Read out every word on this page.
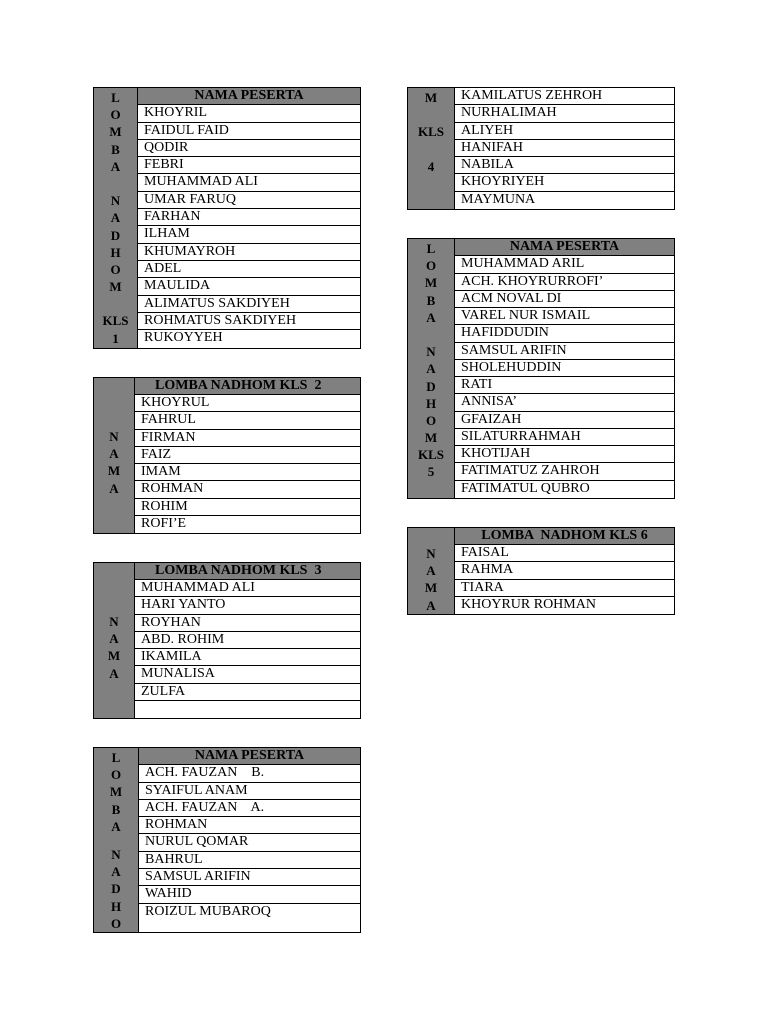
L
O
M
B
A
N
A
D
H
O
M
KLS
1
NAMA PESERTA
KHOYRIL
FAIDUL FAID
QODIR
FEBRI
MUHAMMAD ALI
UMAR FARUQ
FARHAN
ILHAM
KHUMAYROH
ADEL
MAULIDA
ALIMATUS SAKDIYEH
ROHMATUS SAKDIYEH
RUKOYYEH
N
A
M
A
LOMBA NADHOM KLS  2
KHOYRUL
FAHRUL
FIRMAN
FAIZ
IMAM
ROHMAN
ROHIM
ROFI’E
N
A
M
A
LOMBA NADHOM KLS  3
MUHAMMAD ALI
HARI YANTO
ROYHAN
ABD. ROHIM
IKAMILA
MUNALISA
ZULFA
L
O
M
B
A
N
A
D
H
O
NAMA PESERTA
ACH. FAUZAN    B.
SYAIFUL ANAM
ACH. FAUZAN    A.
ROHMAN
NURUL QOMAR
BAHRUL
SAMSUL ARIFIN
WAHID
ROIZUL MUBAROQ
M
KLS
4
KAMILATUS ZEHROH
NURHALIMAH
ALIYEH
HANIFAH
NABILA
KHOYRIYEH
MAYMUNA
L
O
M
B
A
N
A
D
H
O
M
KLS
5
NAMA PESERTA
MUHAMMAD ARIL
ACH. KHOYRURROFI’
ACM NOVAL DI
VAREL NUR ISMAIL
HAFIDDUDIN
SAMSUL ARIFIN
SHOLEHUDDIN
RATI
ANNISA’
GFAIZAH
SILATURRAHMAH
KHOTIJAH
FATIMATUZ ZAHROH
FATIMATUL QUBRO
N
A
M
A
LOMBA  NADHOM KLS 6
FAISAL
RAHMA
TIARA
KHOYRUR ROHMAN
